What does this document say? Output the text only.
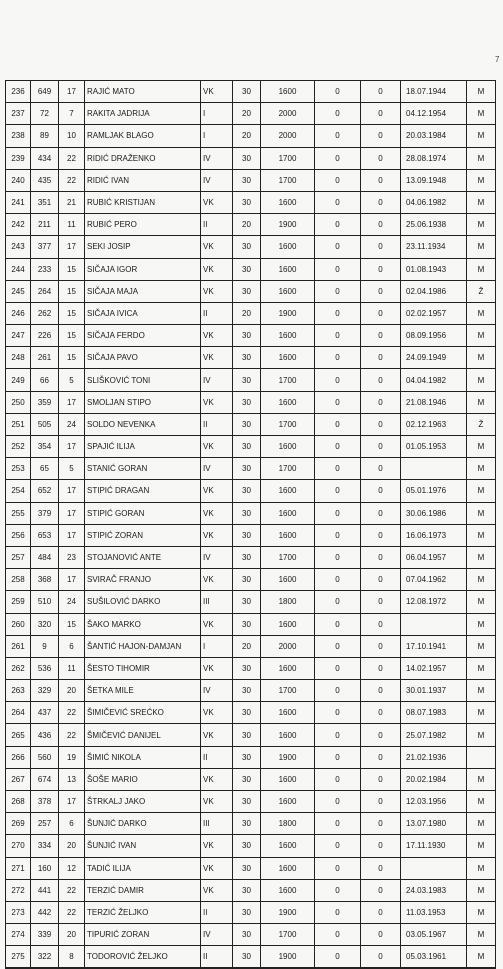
7
236	649	17	RAJIĆ MATO	VK	30	1600	0	0	18.07.1944	M
237	72	7	RAKITA JADRIJA	I	20	2000	0	0	04.12.1954	M
238	89	10	RAMLJAK BLAGO	I	20	2000	0	0	20.03.1984	M
239	434	22	RIDIĆ DRAŽENKO	IV	30	1700	0	0	28.08.1974	M
240	435	22	RIDIĆ IVAN	IV	30	1700	0	0	13.09.1948	M
241	351	21	RUBIĆ KRISTIJAN	VK	30	1600	0	0	04.06.1982	M
242	211	11	RUBIĆ PERO	II	20	1900	0	0	25.06.1938	M
243	377	17	SEKI JOSIP	VK	30	1600	0	0	23.11.1934	M
244	233	15	SIČAJA IGOR	VK	30	1600	0	0	01.08.1943	M
245	264	15	SIČAJA MAJA	VK	30	1600	0	0	02.04.1986	Ž
246	262	15	SIČAJA IVICA	II	20	1900	0	0	02.02.1957	M
247	226	15	SIČAJA FERDO	VK	30	1600	0	0	08.09.1956	M
248	261	15	SIČAJA PAVO	VK	30	1600	0	0	24.09.1949	M
249	66	5	SLIŠKOVIĆ TONI	IV	30	1700	0	0	04.04.1982	M
250	359	17	SMOLJAN STIPO	VK	30	1600	0	0	21.08.1946	M
251	505	24	SOLDO NEVENKA	II	30	1700	0	0	02.12.1963	Ž
252	354	17	SPAJIĆ ILIJA	VK	30	1600	0	0	01.05.1953	M
253	65	5	STANIĆ GORAN	IV	30	1700	0	0		M
254	652	17	STIPIĆ DRAGAN	VK	30	1600	0	0	05.01.1976	M
255	379	17	STIPIĆ GORAN	VK	30	1600	0	0	30.06.1986	M
256	653	17	STIPIĆ ZORAN	VK	30	1600	0	0	16.06.1973	M
257	484	23	STOJANOVIĆ ANTE	IV	30	1700	0	0	06.04.1957	M
258	368	17	SVIRAČ FRANJO	VK	30	1600	0	0	07.04.1962	M
259	510	24	SUŠILOVIĆ DARKO	III	30	1800	0	0	12.08.1972	M
260	320	15	ŠAKO MARKO	VK	30	1600	0	0		M
261	9	6	ŠANTIĆ HAJON-DAMJAN	I	20	2000	0	0	17.10.1941	M
262	536	11	ŠESTO TIHOMIR	VK	30	1600	0	0	14.02.1957	M
263	329	20	ŠETKA MILE	IV	30	1700	0	0	30.01.1937	M
264	437	22	ŠIMIČEVIĆ SREĆKO	VK	30	1600	0	0	08.07.1983	M
265	436	22	ŠMIČEVIĆ DANIJEL	VK	30	1600	0	0	25.07.1982	M
266	560	19	ŠIMIĆ NIKOLA	II	30	1900	0	0	21.02.1936	
267	674	13	ŠOŠE MARIO	VK	30	1600	0	0	20.02.1984	M
268	378	17	ŠTRKALJ JAKO	VK	30	1600	0	0	12.03.1956	M
269	257	6	ŠUNJIĆ DARKO	III	30	1800	0	0	13.07.1980	M
270	334	20	ŠUNJIĆ IVAN	VK	30	1600	0	0	17.11.1930	M
271	160	12	TADIĆ ILIJA	VK	30	1600	0	0		M
272	441	22	TERZIĆ DAMIR	VK	30	1600	0	0	24.03.1983	M
273	442	22	TERZIĆ ŽELJKO	II	30	1900	0	0	11.03.1953	M
274	339	20	TIPURIĆ ZORAN	IV	30	1700	0	0	03.05.1967	M
275	322	8	TODOROVIĆ ŽELJKO	II	30	1900	0	0	05.03.1961	M
